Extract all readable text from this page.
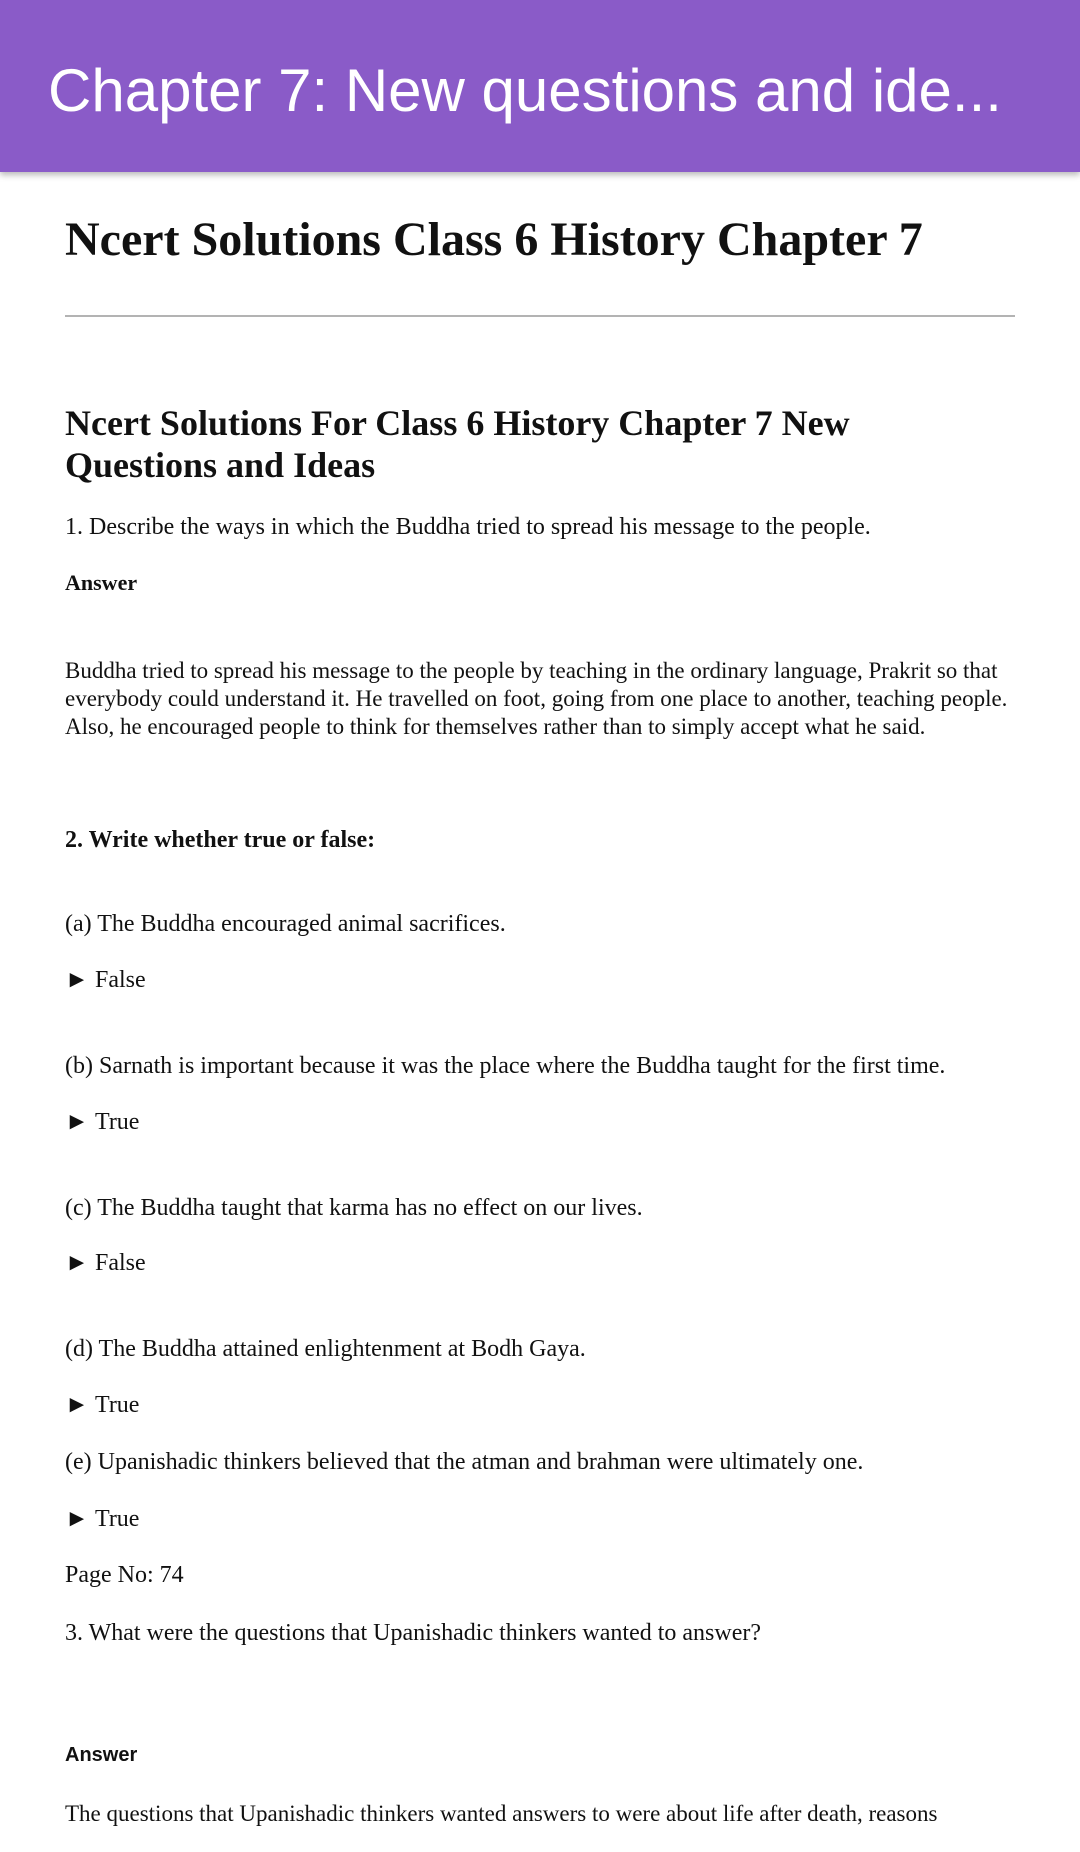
Chapter 7: New questions and ide...
Ncert Solutions Class 6 History Chapter 7
Ncert Solutions For Class 6 History Chapter 7 New Questions and Ideas

1. Describe the ways in which the Buddha tried to spread his message to the people.

Answer

Buddha tried to spread his message to the people by teaching in the ordinary language, Prakrit so that everybody could understand it. He travelled on foot, going from one place to another, teaching people. Also, he encouraged people to think for themselves rather than to simply accept what he said.

2. Write whether true or false:

(a) The Buddha encouraged animal sacrifices.

► False

(b) Sarnath is important because it was the place where the Buddha taught for the first time.

► True

(c) The Buddha taught that karma has no effect on our lives.

► False

(d) The Buddha attained enlightenment at Bodh Gaya.

► True

(e) Upanishadic thinkers believed that the atman and brahman were ultimately one.

► True

Page No: 74

3. What were the questions that Upanishadic thinkers wanted to answer?

Answer

The questions that Upanishadic thinkers wanted answers to were about life after death, reasons
